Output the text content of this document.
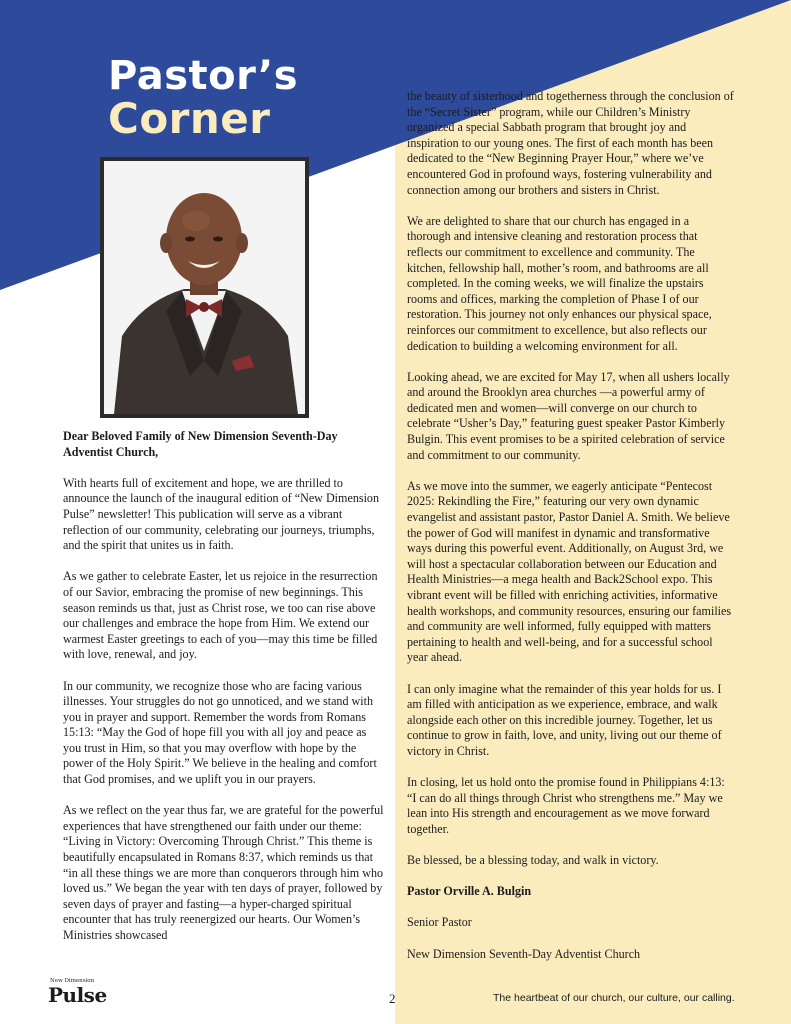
Pastor’s
Corner

Dear Beloved Family of New Dimension Seventh-Day Adventist Church,

With hearts full of excitement and hope, we are thrilled to announce the launch of the inaugural edition of “New Dimension Pulse” newsletter! This publication will serve as a vibrant reflection of our community, celebrating our journeys, triumphs, and the spirit that unites us in faith.

As we gather to celebrate Easter, let us rejoice in the resurrection of our Savior, embracing the promise of new beginnings. This season reminds us that, just as Christ rose, we too can rise above our challenges and embrace the hope from Him. We extend our warmest Easter greetings to each of you—may this time be filled with love, renewal, and joy.

In our community, we recognize those who are facing various illnesses. Your struggles do not go unnoticed, and we stand with you in prayer and support. Remember the words from Romans 15:13: “May the God of hope fill you with all joy and peace as you trust in Him, so that you may overflow with hope by the power of the Holy Spirit.” We believe in the healing and comfort that God promises, and we uplift you in our prayers.

As we reflect on the year thus far, we are grateful for the powerful experiences that have strengthened our faith under our theme: “Living in Victory: Overcoming Through Christ.” This theme is beautifully encapsulated in Romans 8:37, which reminds us that “in all these things we are more than conquerors through him who loved us.” We began the year with ten days of prayer, followed by seven days of prayer and fasting—a hyper-charged spiritual encounter that has truly reenergized our hearts. Our Women’s Ministries showcased

the beauty of sisterhood and togetherness through the conclusion of the “Secret Sister” program, while our Children’s Ministry organized a special Sabbath program that brought joy and inspiration to our young ones. The first of each month has been dedicated to the “New Beginning Prayer Hour,” where we’ve encountered God in profound ways, fostering vulnerability and connection among our brothers and sisters in Christ.

We are delighted to share that our church has engaged in a thorough and intensive cleaning and restoration process that reflects our commitment to excellence and community. The kitchen, fellowship hall, mother’s room, and bathrooms are all completed. In the coming weeks, we will finalize the upstairs rooms and offices, marking the completion of Phase I of our restoration. This journey not only enhances our physical space, reinforces our commitment to excellence, but also reflects our dedication to building a welcoming environment for all.

Looking ahead, we are excited for May 17, when all ushers locally and around the Brooklyn area churches —a powerful army of dedicated men and women—will converge on our church to celebrate “Usher’s Day,” featuring guest speaker Pastor Kimberly Bulgin. This event promises to be a spirited celebration of service and commitment to our community.

As we move into the summer, we eagerly anticipate “Pentecost 2025: Rekindling the Fire,” featuring our very own dynamic evangelist and assistant pastor, Pastor Daniel A. Smith. We believe the power of God will manifest in dynamic and transformative ways during this powerful event. Additionally, on August 3rd, we will host a spectacular collaboration between our Education and Health Ministries—a mega health and Back2School expo. This vibrant event will be filled with enriching activities, informative health workshops, and community resources, ensuring our families and community are well informed, fully equipped with matters pertaining to health and well-being, and for a successful school year ahead.

I can only imagine what the remainder of this year holds for us. I am filled with anticipation as we experience, embrace, and walk alongside each other on this incredible journey. Together, let us continue to grow in faith, love, and unity, living out our theme of victory in Christ.

In closing, let us hold onto the promise found in Philippians 4:13: “I can do all things through Christ who strengthens me.” May we lean into His strength and encouragement as we move forward together.

Be blessed, be a blessing today, and walk in victory.

Pastor Orville A. Bulgin

Senior Pastor

New Dimension Seventh-Day Adventist Church

New Dimension
Pulse	2	The heartbeat of our church, our culture, our calling.
